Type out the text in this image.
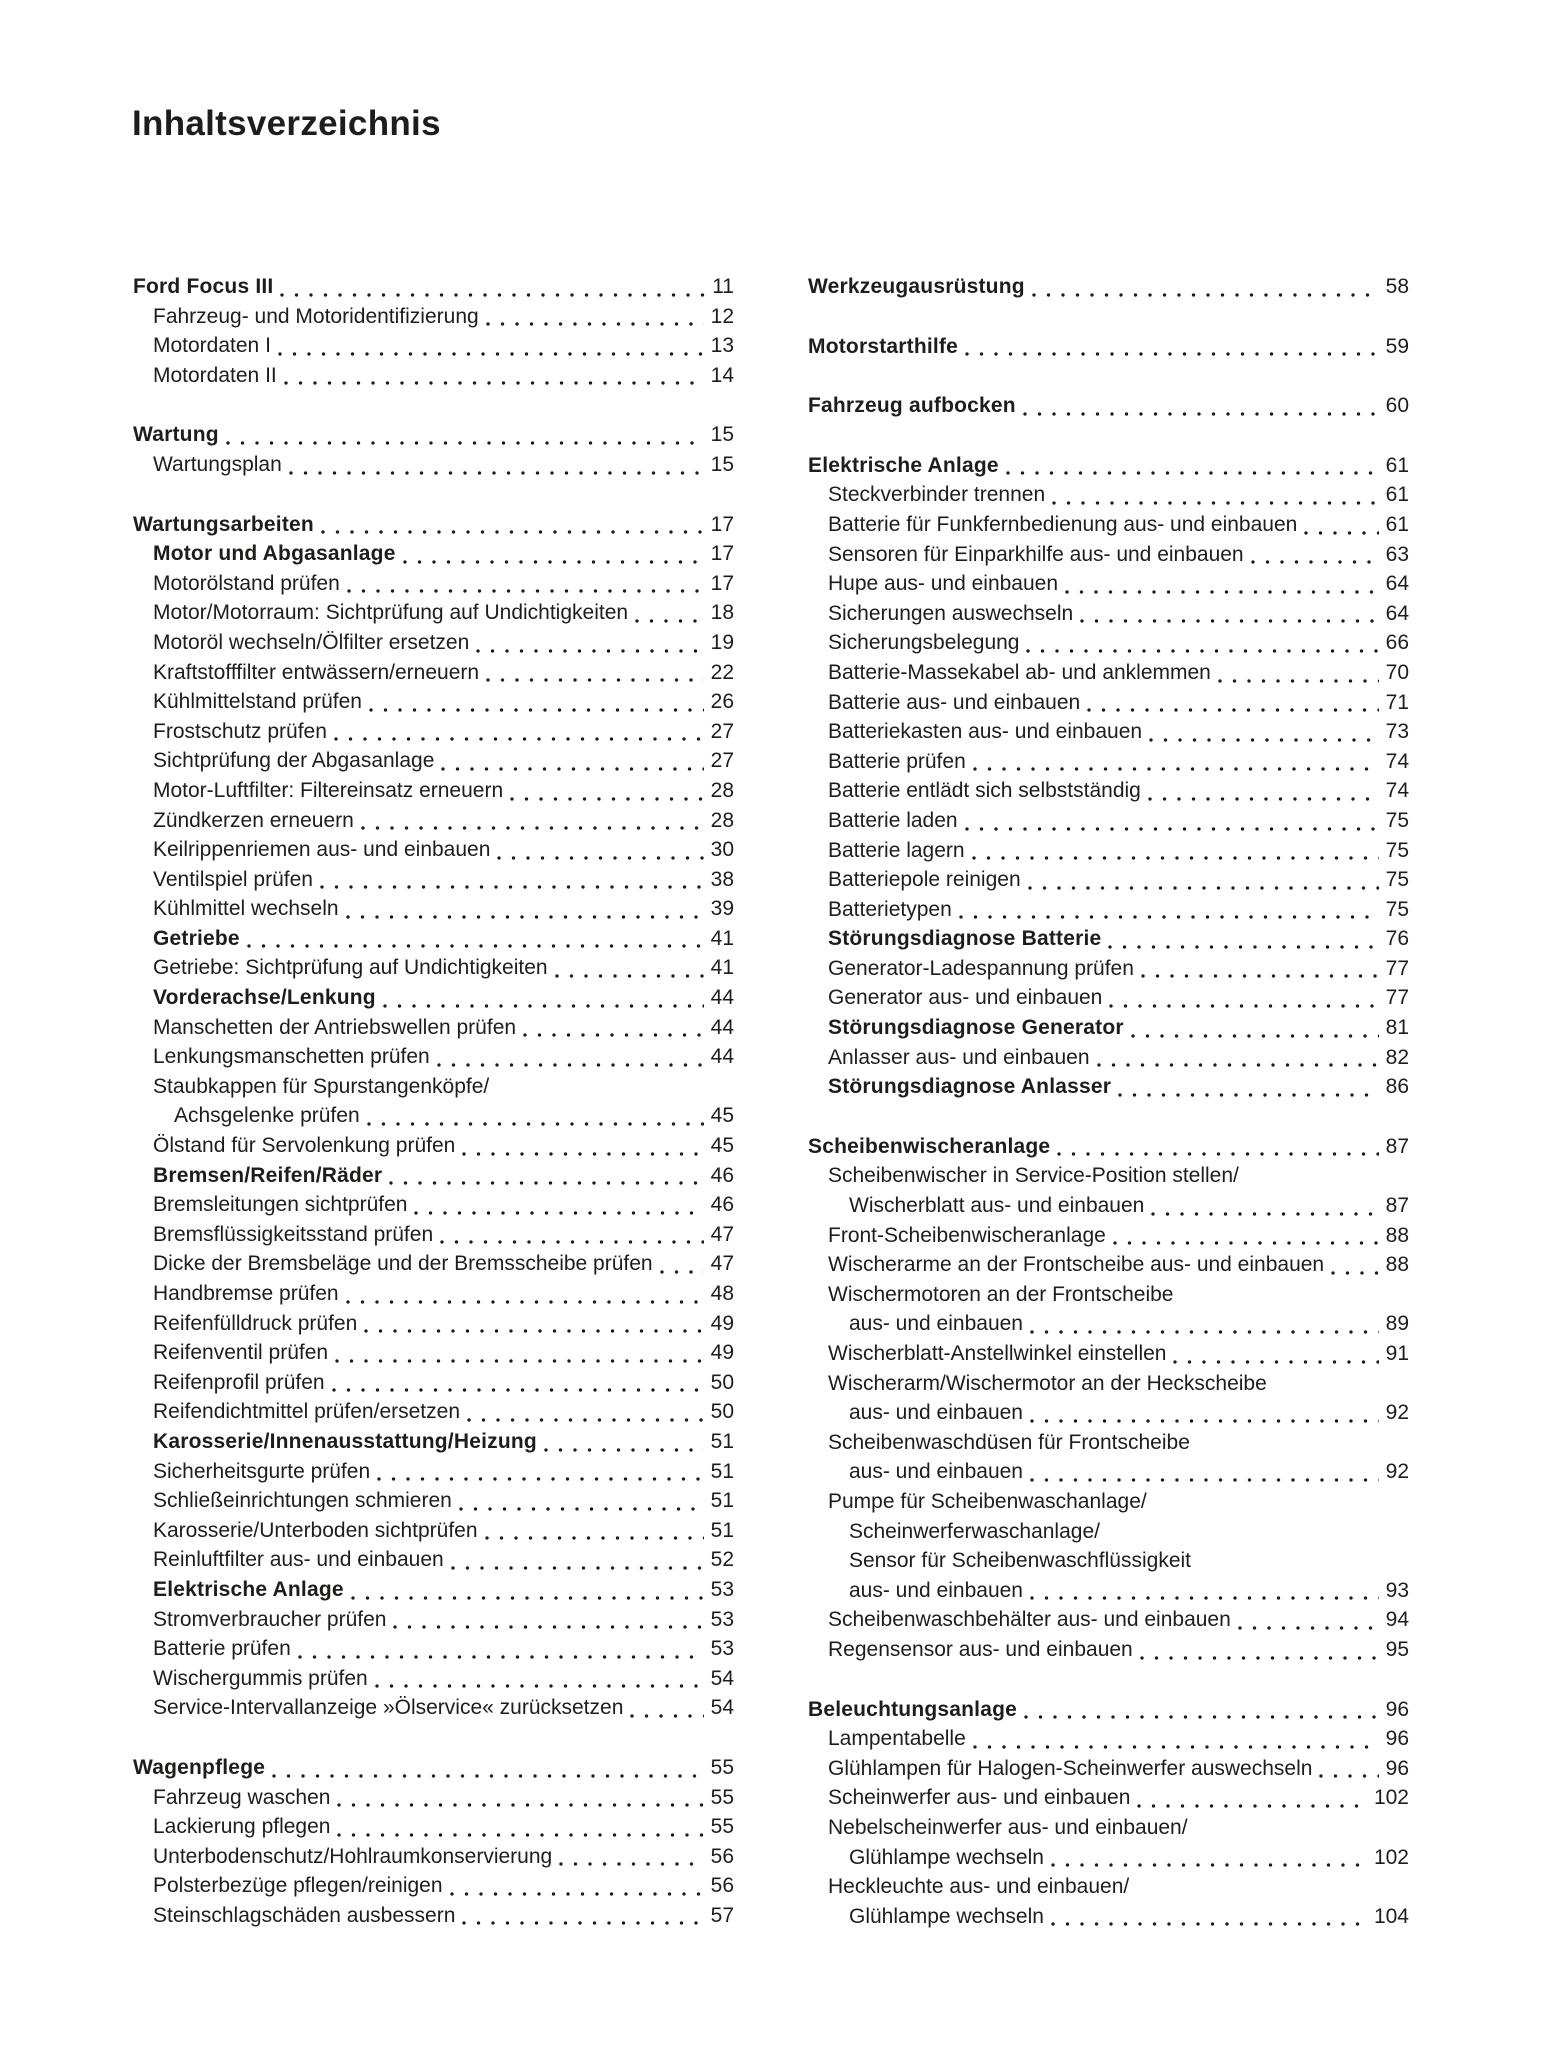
Inhaltsverzeichnis
Ford Focus III	11
Fahrzeug- und Motoridentifizierung	12
Motordaten I	13
Motordaten II	14
Wartung	15
Wartungsplan	15
Wartungsarbeiten	17
Motor und Abgasanlage	17
Motorölstand prüfen	17
Motor/Motorraum: Sichtprüfung auf Undichtigkeiten	18
Motoröl wechseln/Ölfilter ersetzen	19
Kraftstofffilter entwässern/erneuern	22
Kühlmittelstand prüfen	26
Frostschutz prüfen	27
Sichtprüfung der Abgasanlage	27
Motor-Luftfilter: Filtereinsatz erneuern	28
Zündkerzen erneuern	28
Keilrippenriemen aus- und einbauen	30
Ventilspiel prüfen	38
Kühlmittel wechseln	39
Getriebe	41
Getriebe: Sichtprüfung auf Undichtigkeiten	41
Vorderachse/Lenkung	44
Manschetten der Antriebswellen prüfen	44
Lenkungsmanschetten prüfen	44
Staubkappen für Spurstangenköpfe/
Achsgelenke prüfen	45
Ölstand für Servolenkung prüfen	45
Bremsen/Reifen/Räder	46
Bremsleitungen sichtprüfen	46
Bremsflüssigkeitsstand prüfen	47
Dicke der Bremsbeläge und der Bremsscheibe prüfen	47
Handbremse prüfen	48
Reifenfülldruck prüfen	49
Reifenventil prüfen	49
Reifenprofil prüfen	50
Reifendichtmittel prüfen/ersetzen	50
Karosserie/Innenausstattung/Heizung	51
Sicherheitsgurte prüfen	51
Schließeinrichtungen schmieren	51
Karosserie/Unterboden sichtprüfen	51
Reinluftfilter aus- und einbauen	52
Elektrische Anlage	53
Stromverbraucher prüfen	53
Batterie prüfen	53
Wischergummis prüfen	54
Service-Intervallanzeige »Ölservice« zurücksetzen	54
Wagenpflege	55
Fahrzeug waschen	55
Lackierung pflegen	55
Unterbodenschutz/Hohlraumkonservierung	56
Polsterbezüge pflegen/reinigen	56
Steinschlagschäden ausbessern	57
Werkzeugausrüstung	58
Motorstarthilfe	59
Fahrzeug aufbocken	60
Elektrische Anlage	61
Steckverbinder trennen	61
Batterie für Funkfernbedienung aus- und einbauen	61
Sensoren für Einparkhilfe aus- und einbauen	63
Hupe aus- und einbauen	64
Sicherungen auswechseln	64
Sicherungsbelegung	66
Batterie-Massekabel ab- und anklemmen	70
Batterie aus- und einbauen	71
Batteriekasten aus- und einbauen	73
Batterie prüfen	74
Batterie entlädt sich selbstständig	74
Batterie laden	75
Batterie lagern	75
Batteriepole reinigen	75
Batterietypen	75
Störungsdiagnose Batterie	76
Generator-Ladespannung prüfen	77
Generator aus- und einbauen	77
Störungsdiagnose Generator	81
Anlasser aus- und einbauen	82
Störungsdiagnose Anlasser	86
Scheibenwischeranlage	87
Scheibenwischer in Service-Position stellen/
Wischerblatt aus- und einbauen	87
Front-Scheibenwischeranlage	88
Wischerarme an der Frontscheibe aus- und einbauen	88
Wischermotoren an der Frontscheibe
aus- und einbauen	89
Wischerblatt-Anstellwinkel einstellen	91
Wischerarm/Wischermotor an der Heckscheibe
aus- und einbauen	92
Scheibenwaschdüsen für Frontscheibe
aus- und einbauen	92
Pumpe für Scheibenwaschanlage/
Scheinwerferwaschanlage/
Sensor für Scheibenwaschflüssigkeit
aus- und einbauen	93
Scheibenwaschbehälter aus- und einbauen	94
Regensensor aus- und einbauen	95
Beleuchtungsanlage	96
Lampentabelle	96
Glühlampen für Halogen-Scheinwerfer auswechseln	96
Scheinwerfer aus- und einbauen	102
Nebelscheinwerfer aus- und einbauen/
Glühlampe wechseln	102
Heckleuchte aus- und einbauen/
Glühlampe wechseln	104
